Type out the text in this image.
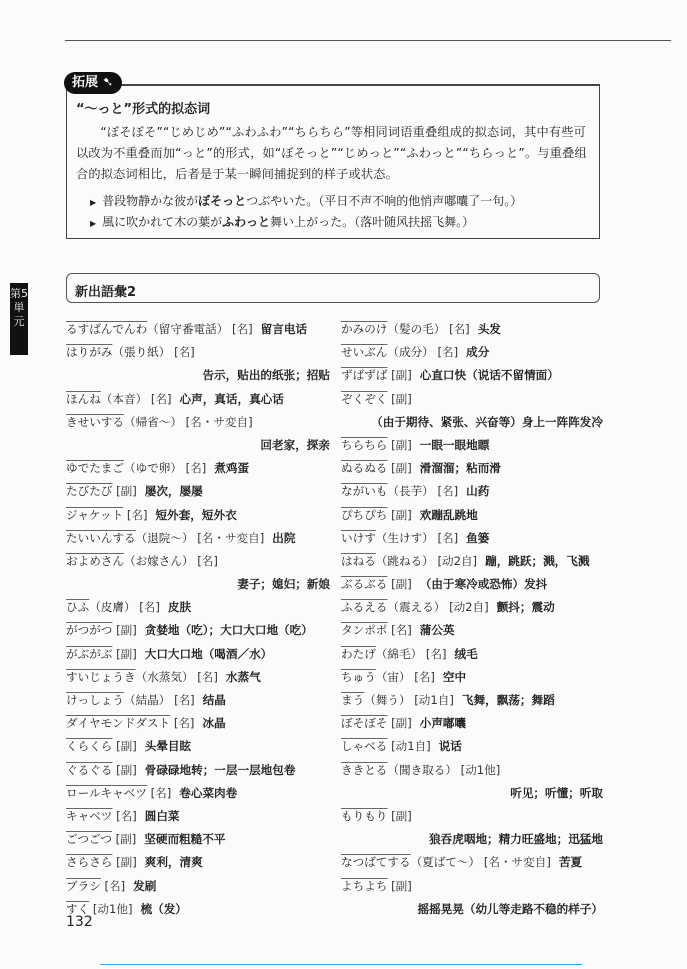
第5単元
拓展 ➷
“～っと”形式的拟态词
“ぼそぼそ”“じめじめ”“ふわふわ”“ちらちら”等相同词语重叠组成的拟态词，其中有些可以改为不重叠而加“っと”的形式，如“ぼそっと”“じめっと”“ふわっと”“ちらっと”。与重叠组合的拟态词相比，后者是于某一瞬间捕捉到的样子或状态。
▶ 普段物静かな彼がぼそっとつぶやいた。（平日不声不响的他悄声嘟囔了一句。）
▶ 風に吹かれて木の葉がふわっと舞い上がった。（落叶随风扶摇飞舞。）
新出語彙2
るすばんでんわ（留守番電話） [名] 留言电话
はりがみ（張り紙） [名]
告示，贴出的纸张；招贴
ほんね（本音） [名] 心声，真话，真心话
きせいする（帰省～） [名・サ変自]
回老家，探亲
ゆでたまご（ゆで卵） [名] 煮鸡蛋
たびたび [副] 屡次，屡屡
ジャケット [名] 短外套，短外衣
たいいんする（退院～） [名・サ変自] 出院
およめさん（お嫁さん） [名]
妻子；媳妇；新娘
ひふ（皮膚） [名] 皮肤
がつがつ [副] 贪婪地（吃）；大口大口地（吃）
がぶがぶ [副] 大口大口地（喝酒／水）
すいじょうき（水蒸気） [名] 水蒸气
けっしょう（結晶） [名] 结晶
ダイヤモンドダスト [名] 冰晶
くらくら [副] 头晕目眩
ぐるぐる [副] 骨碌碌地转；一层一层地包卷
ロールキャベツ [名] 卷心菜肉卷
キャベツ [名] 圆白菜
ごつごつ [副] 坚硬而粗糙不平
さらさら [副] 爽利，清爽
ブラシ [名] 发刷
すく [动1他] 梳（发）
かみのけ（髪の毛） [名] 头发
せいぶん（成分） [名] 成分
ずばずば [副] 心直口快（说话不留情面）
ぞくぞく [副]
（由于期待、紧张、兴奋等）身上一阵阵发冷
ちらちら [副] 一眼一眼地瞟
ぬるぬる [副] 滑溜溜；粘而滑
ながいも（長芋） [名] 山药
ぴちぴち [副] 欢蹦乱跳地
いけす（生けす） [名] 鱼篓
はねる（跳ねる） [动2自] 蹦，跳跃；溅，飞溅
ぶるぶる [副] （由于寒冷或恐怖）发抖
ふるえる（震える） [动2自] 颤抖；震动
タンポポ [名] 蒲公英
わたげ（綿毛） [名] 绒毛
ちゅう（宙） [名] 空中
まう（舞う） [动1自] 飞舞，飘荡；舞蹈
ぼそぼそ [副] 小声嘟囔
しゃべる [动1自] 说话
ききとる（聞き取る） [动1他]
听见；听懂；听取
もりもり [副]
狼吞虎咽地；精力旺盛地；迅猛地
なつばてする（夏ばて～） [名・サ変自] 苦夏
よちよち [副]
摇摇晃晃（幼儿等走路不稳的样子）
132
